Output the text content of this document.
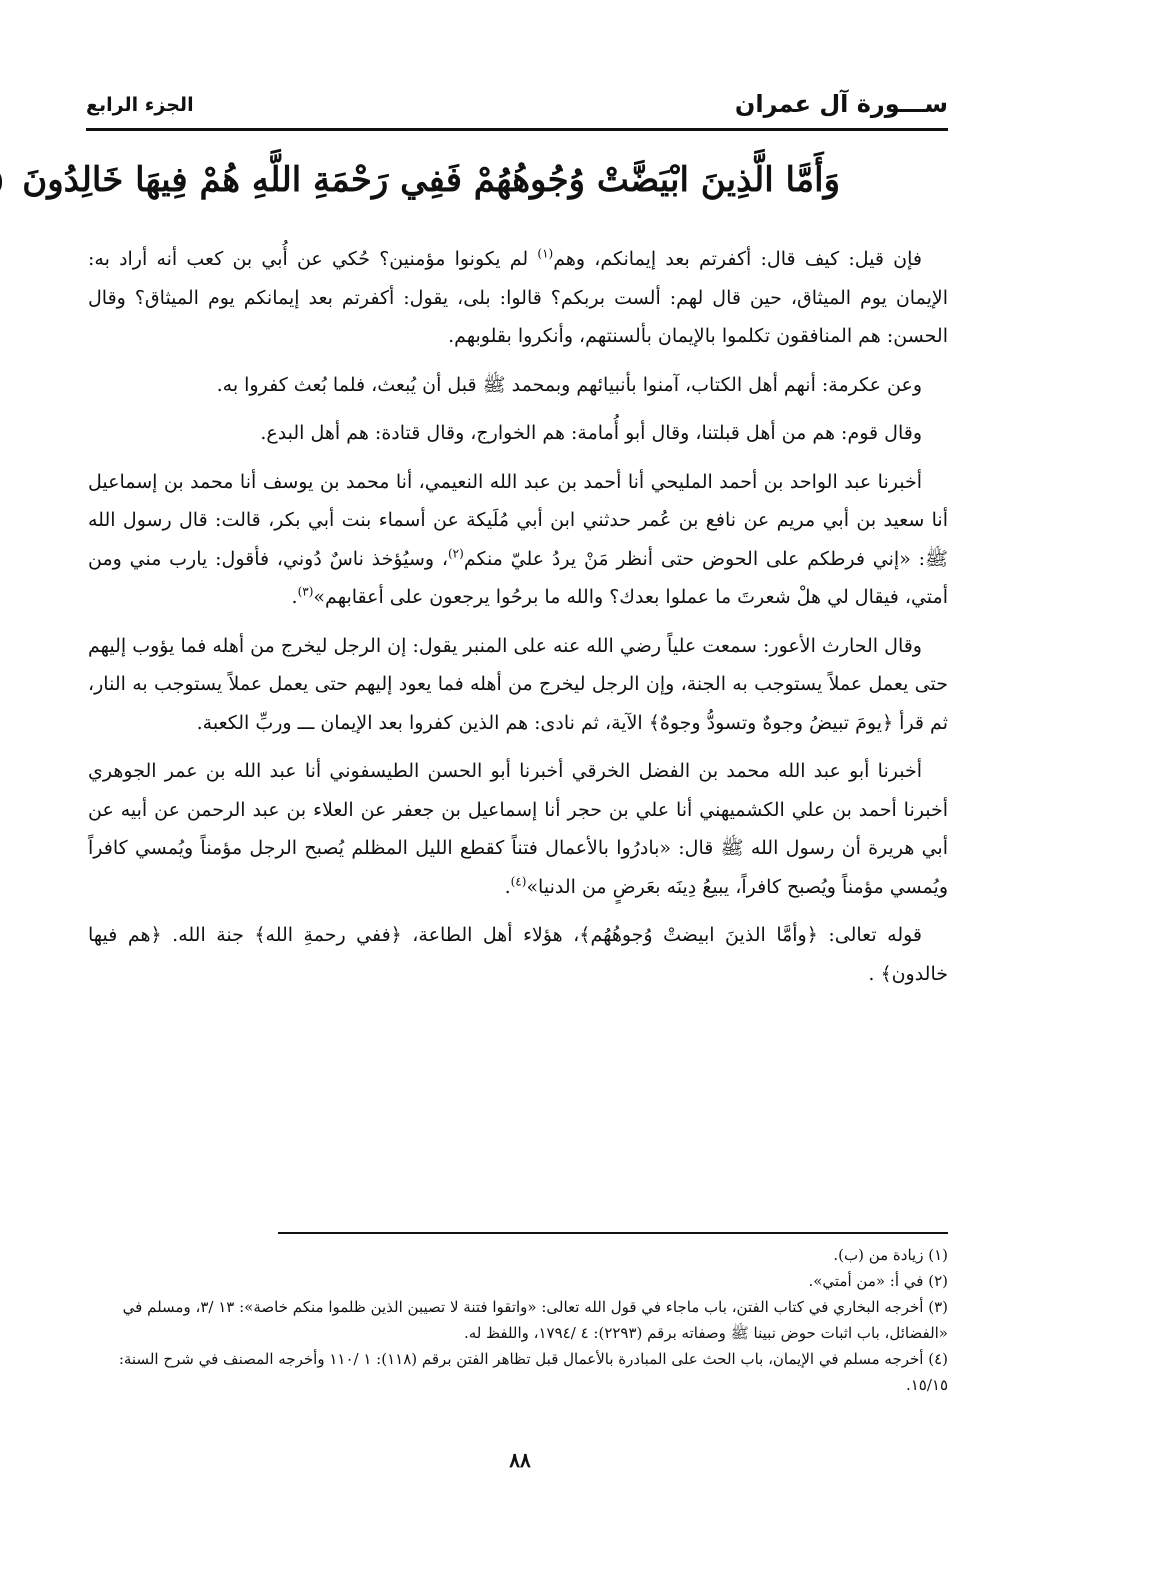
ســـورة آل عمران
الجزء الرابع
وَأَمَّا الَّذِينَ ابْيَضَّتْ وُجُوهُهُمْ فَفِي رَحْمَةِ اللَّهِ هُمْ فِيهَا خَالِدُونَ

فإن قيل: كيف قال: أكفرتم بعد إيمانكم، وهم$^{(١)}$ لم يكونوا مؤمنين؟ حُكي عن أُبي بن كعب أنه أراد به: الإيمان يوم الميثاق، حين قال لهم: ألست بربكم؟ قالوا: بلى، يقول: أكفرتم بعد إيمانكم يوم الميثاق؟ وقال الحسن: هم المنافقون تكلموا بالإيمان بألسنتهم، وأنكروا بقلوبهم.

وعن عكرمة: أنهم أهل الكتاب، آمنوا بأنبيائهم وبمحمد ﷺ قبل أن يُبعث، فلما بُعث كفروا به.

وقال قوم: هم من أهل قبلتنا، وقال أبو أُمامة: هم الخوارج، وقال قتادة: هم أهل البدع.

أخبرنا عبد الواحد بن أحمد المليحي أنا أحمد بن عبد الله النعيمي، أنا محمد بن يوسف أنا محمد بن إسماعيل أنا سعيد بن أبي مريم عن نافع بن عُمر حدثني ابن أبي مُلَيكة عن أسماء بنت أبي بكر، قالت: قال رسول الله ﷺ: «إني فرطكم على الحوض حتى أنظر مَنْ يردُ عليّ منكم$^{(٢)}$، وسيُؤخذ ناسٌ دُوني، فأقول: يارب مني ومن أمتي، فيقال لي هلْ شعرتَ ما عملوا بعدك؟ والله ما برحُوا يرجعون على أعقابهم»$^{(٣)}$.

وقال الحارث الأعور: سمعت علياً رضي الله عنه على المنبر يقول: إن الرجل ليخرج من أهله فما يؤوب إليهم حتى يعمل عملاً يستوجب به الجنة، وإن الرجل ليخرج من أهله فما يعود إليهم حتى يعمل عملاً يستوجب به النار، ثم قرأ ﴿يومَ تبيضُ وجوهٌ وتسودُّ وجوهٌ﴾ الآية، ثم نادى: هم الذين كفروا بعد الإيمان ـــ وربِّ الكعبة.

أخبرنا أبو عبد الله محمد بن الفضل الخرقي أخبرنا أبو الحسن الطيسفوني أنا عبد الله بن عمر الجوهري أخبرنا أحمد بن علي الكشميهني أنا علي بن حجر أنا إسماعيل بن جعفر عن العلاء بن عبد الرحمن عن أبيه عن أبي هريرة أن رسول الله ﷺ قال: «بادرُوا بالأعمال فتناً كقطع الليل المظلم يُصبح الرجل مؤمناً ويُمسي كافراً ويُمسي مؤمناً ويُصبح كافراً، يبيعُ دِينَه بعَرضٍ من الدنيا»$^{(٤)}$.

قوله تعالى: ﴿وأمَّا الذينَ ابيضتْ وُجوهُهُم﴾، هؤلاء أهل الطاعة، ﴿ففي رحمةِ الله﴾ جنة الله. ﴿هم فيها خالدون﴾ .

(١) زيادة من (ب).
(٢) في أ: «من أمتي».
(٣) أخرجه البخاري في كتاب الفتن، باب ماجاء في قول الله تعالى: «واتقوا فتنة لا تصيبن الذين ظلموا منكم خاصة»: ١٣ /٣، ومسلم في «الفضائل، باب اثبات حوض نبينا ﷺ وصفاته برقم (٢٢٩٣): ٤ /١٧٩٤، واللفظ له.
(٤) أخرجه مسلم في الإيمان، باب الحث على المبادرة بالأعمال قبل تظاهر الفتن برقم (١١٨): ١ /١١٠ وأخرجه المصنف في شرح السنة: ١٥/١٥.
٨٨
